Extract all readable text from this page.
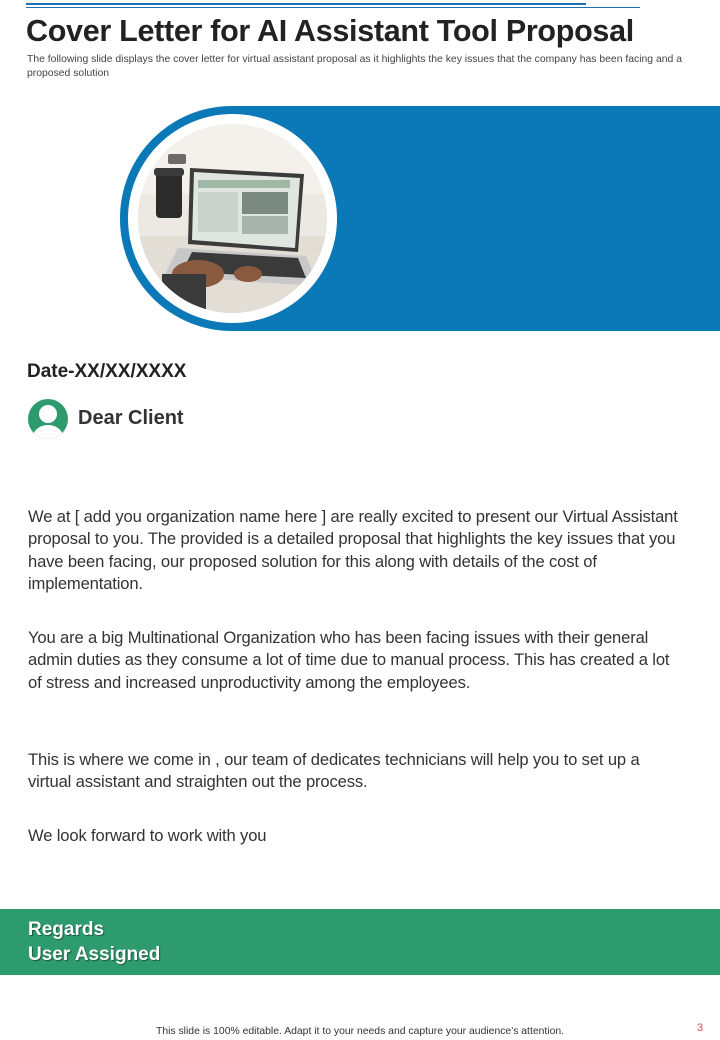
Cover Letter for AI Assistant Tool Proposal

The following slide displays the cover letter for virtual assistant proposal as it highlights the key issues that the company has been facing and a proposed solution

Date-XX/XX/XXXX
Dear Client

We at [ add you organization name here ] are really excited to present our Virtual Assistant proposal to you. The provided is a detailed proposal that highlights the key issues that you have been facing, our proposed solution for this along with details of the cost of implementation.

You are a big Multinational Organization who has been facing issues with their general admin duties as they consume a lot of time due to manual process. This has created a lot of stress and increased unproductivity among the employees.

This is where we come in , our team of dedicates technicians will help you to set up a virtual assistant and straighten out the process.

We look forward to work with you

Regards
User Assigned
This slide is 100% editable. Adapt it to your needs and capture your audience's attention.	3
